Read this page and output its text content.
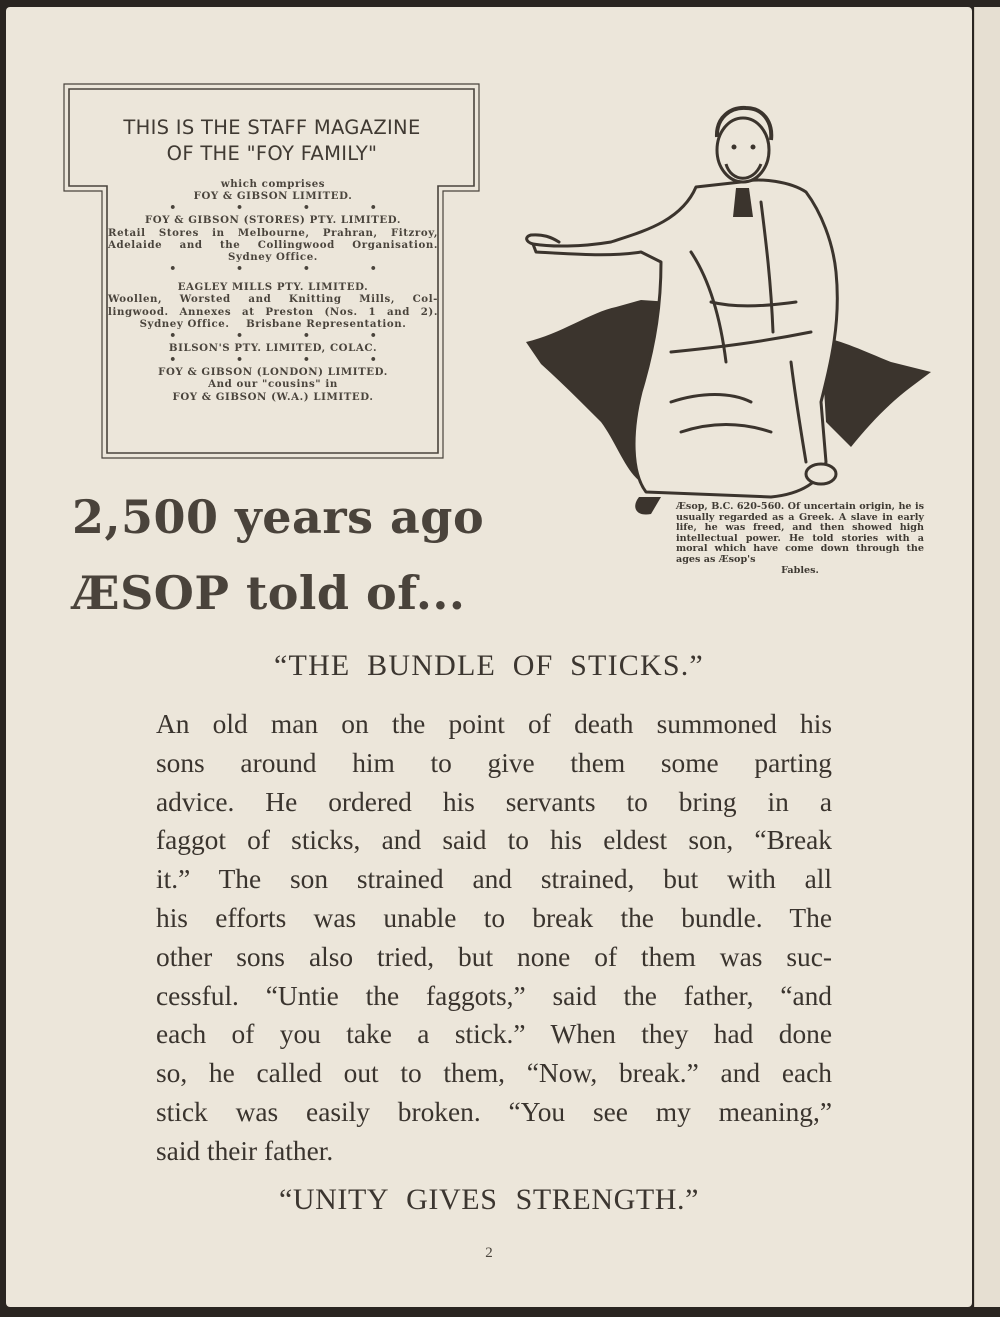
THIS IS THE STAFF MAGAZINE
OF THE "FOY FAMILY"
which comprises
FOY & GIBSON LIMITED.
• • • •
FOY & GIBSON (STORES) PTY. LIMITED.
Retail Stores in Melbourne, Prahran, Fitzroy,
Adelaide and the Collingwood Organisation.
Sydney Office.
• • • •
EAGLEY MILLS PTY. LIMITED.
Woollen, Worsted and Knitting Mills, Col-
lingwood. Annexes at Preston (Nos. 1 and 2).
Sydney Office.    Brisbane Representation.
• • • •
BILSON'S PTY. LIMITED, COLAC.
• • • •
FOY & GIBSON (LONDON) LIMITED.
And our "cousins" in
FOY & GIBSON (W.A.) LIMITED.
2,500 years ago
ÆSOP told of...
Æsop, B.C. 620-560. Of uncertain origin, he is usually regarded as a Greek. A slave in early life, he was freed, and then showed high intellectual power. He told stories with a moral which have come down through the ages as Æsop's
Fables.
“THE BUNDLE OF STICKS.”
An old man on the point of death summoned his
sons around him to give them some parting
advice. He ordered his servants to bring in a
faggot of sticks, and said to his eldest son, “Break
it.” The son strained and strained, but with all
his efforts was unable to break the bundle. The
other sons also tried, but none of them was suc-
cessful. “Untie the faggots,” said the father, “and
each of you take a stick.” When they had done
so, he called out to them, “Now, break.” and each
stick was easily broken. “You see my meaning,”
said their father.
“UNITY GIVES STRENGTH.”
2
